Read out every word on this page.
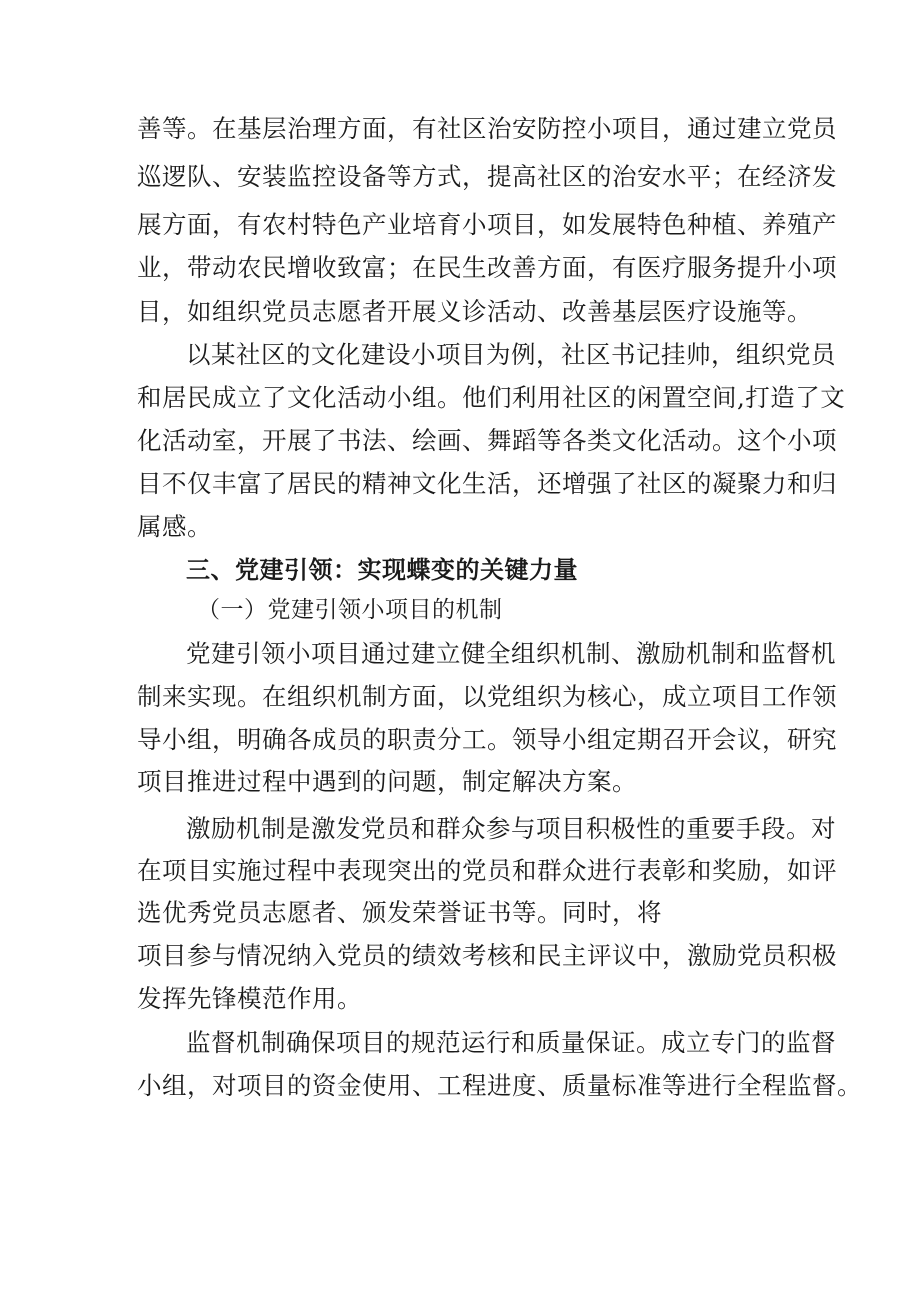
善等。在基层治理方面，有社区治安防控小项目，通过建立党员
巡逻队、安装监控设备等方式，提高社区的治安水平；在经济发
展方面，有农村特色产业培育小项目，如发展特色种植、养殖产
业，带动农民增收致富；在民生改善方面，有医疗服务提升小项
目，如组织党员志愿者开展义诊活动、改善基层医疗设施等。
以某社区的文化建设小项目为例，社区书记挂帅，组织党员
和居民成立了文化活动小组。他们利用社区的闲置空间,打造了文
化活动室，开展了书法、绘画、舞蹈等各类文化活动。这个小项
目不仅丰富了居民的精神文化生活，还增强了社区的凝聚力和归
属感。
三、党建引领：实现蝶变的关键力量
（一）党建引领小项目的机制
党建引领小项目通过建立健全组织机制、激励机制和监督机
制来实现。在组织机制方面，以党组织为核心，成立项目工作领
导小组，明确各成员的职责分工。领导小组定期召开会议，研究
项目推进过程中遇到的问题，制定解决方案。
激励机制是激发党员和群众参与项目积极性的重要手段。对
在项目实施过程中表现突出的党员和群众进行表彰和奖励，如评
选优秀党员志愿者、颁发荣誉证书等。同时，将
项目参与情况纳入党员的绩效考核和民主评议中，激励党员积极
发挥先锋模范作用。
监督机制确保项目的规范运行和质量保证。成立专门的监督
小组，对项目的资金使用、工程进度、质量标准等进行全程监督。
